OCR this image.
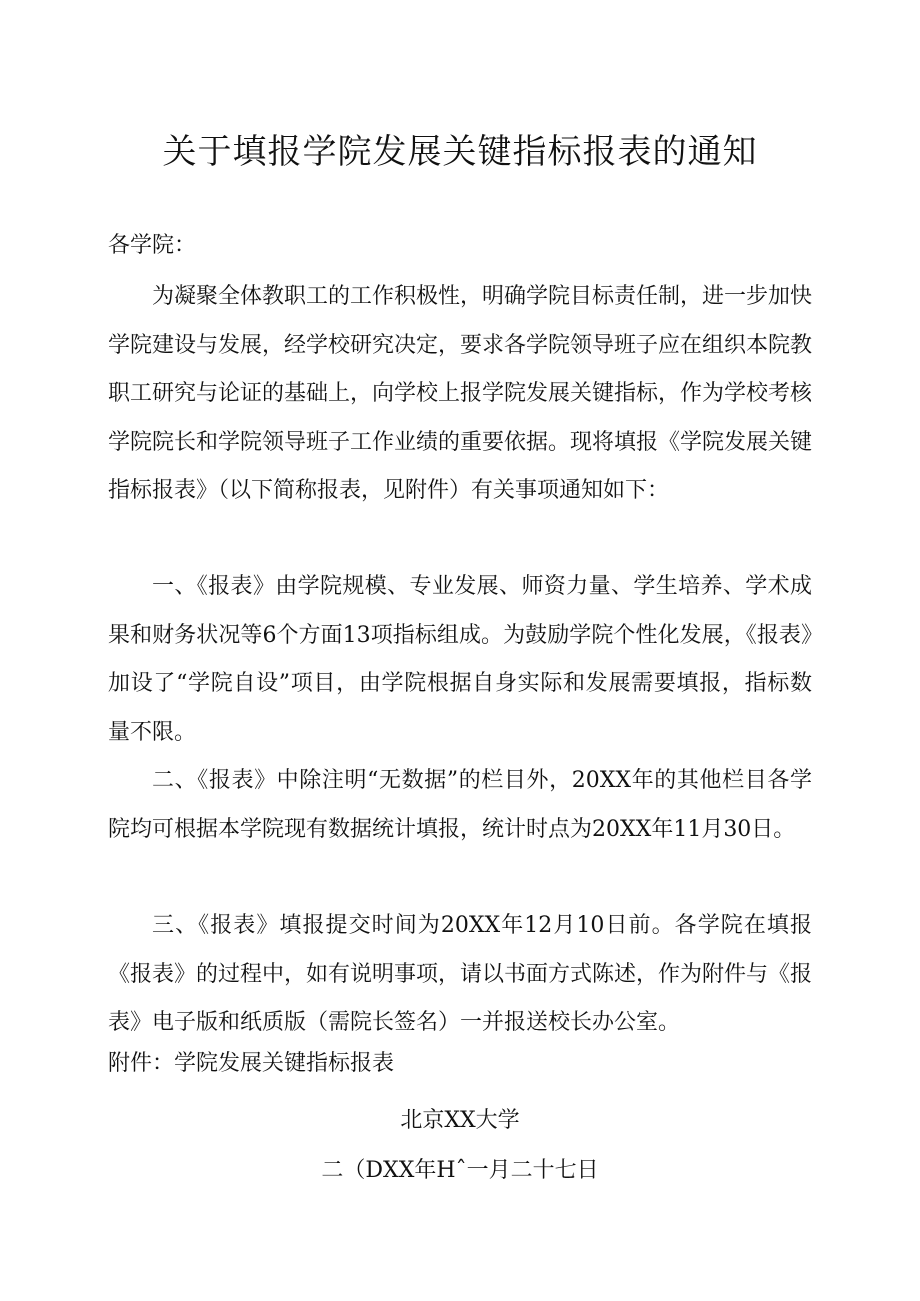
关于填报学院发展关键指标报表的通知
各学院：

为凝聚全体教职工的工作积极性，明确学院目标责任制，进一步加快学院建设与发展，经学校研究决定，要求各学院领导班子应在组织本院教职工研究与论证的基础上，向学校上报学院发展关键指标，作为学校考核学院院长和学院领导班子工作业绩的重要依据。现将填报《学院发展关键指标报表》（以下简称报表，见附件）有关事项通知如下：

一、《报表》由学院规模、专业发展、师资力量、学生培养、学术成果和财务状况等6个方面13项指标组成。为鼓励学院个性化发展，《报表》加设了“学院自设”项目，由学院根据自身实际和发展需要填报，指标数量不限。

二、《报表》中除注明“无数据”的栏目外，20XX年的其他栏目各学院均可根据本学院现有数据统计填报，统计时点为20XX年11月30日。

三、《报表》填报提交时间为20XX年12月10日前。各学院在填报《报表》的过程中，如有说明事项，请以书面方式陈述，作为附件与《报表》电子版和纸质版（需院长签名）一并报送校长办公室。

附件：学院发展关键指标报表
北京XX大学
二（DXX年Hˆ一月二十七日
